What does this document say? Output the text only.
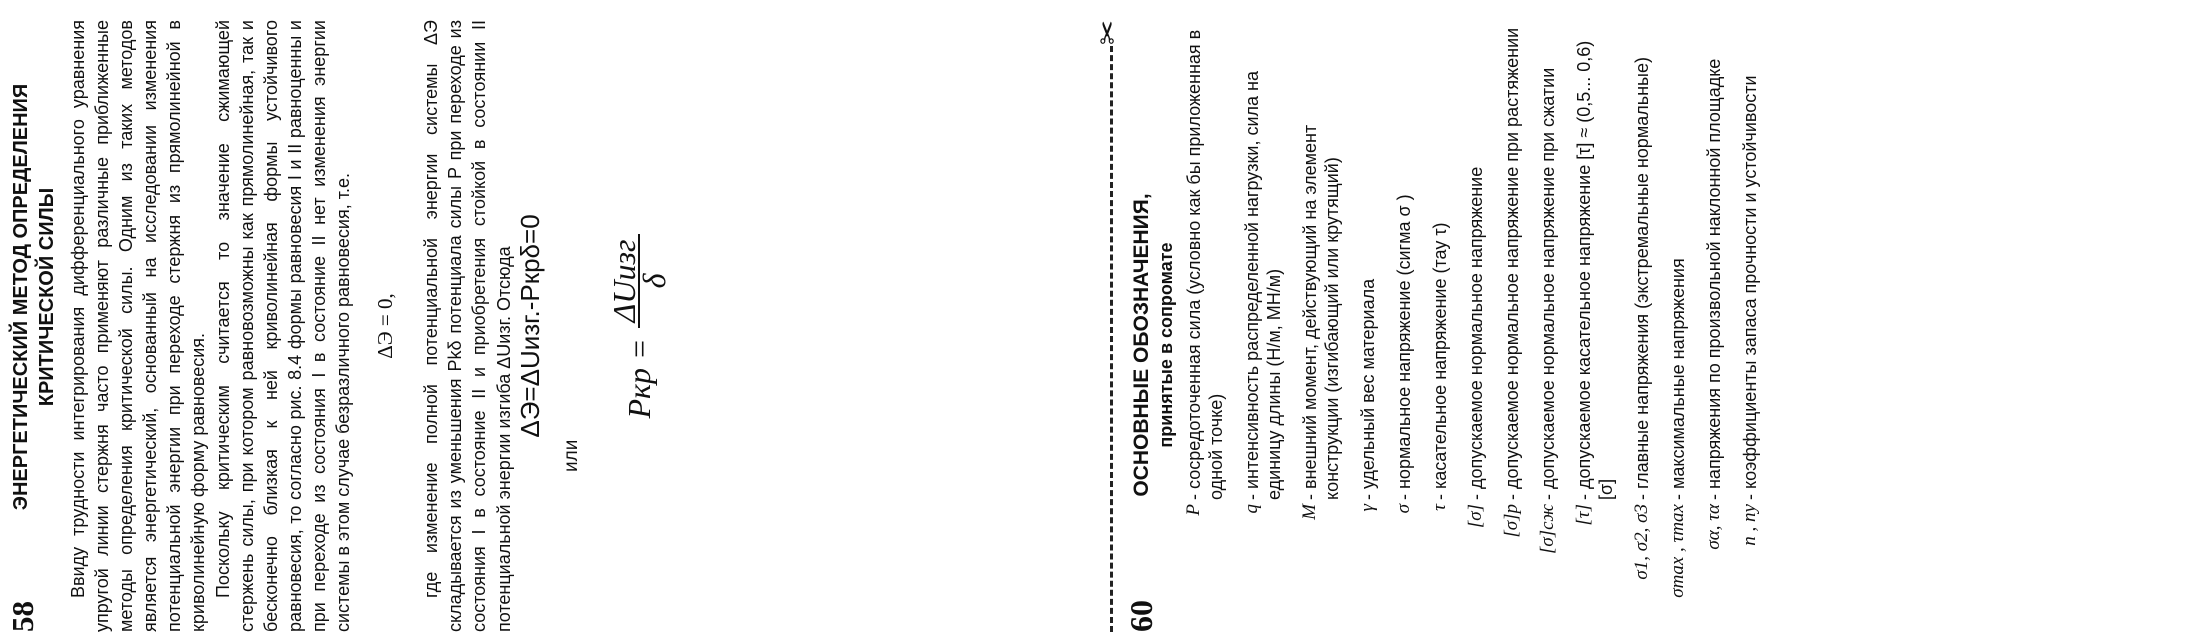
58
ЭНЕРГЕТИЧЕСКИЙ МЕТОД ОПРЕДЕЛЕНИЯ КРИТИЧЕСКОЙ СИЛЫ Ввиду трудности интегрирования дифференциального уравнения упругой линии стержня часто применяют различные приближенные методы определения критической силы. Одним из таких методов является энергетический, основанный на исследовании изменения потенциальной энергии при переходе стержня из прямолинейной в криволинейную форму равновесия. Поскольку критическим считается то значение сжимающей стержень силы, при котором равновозможны как прямолинейная, так и бесконечно близкая к ней криволинейная формы устойчивого равновесия, то согласно рис. 8.4 формы равновесия I и II равноценны и при переходе из состояния I в состояние II нет изменения энергии системы в этом случае безразличного равновесия, т.е. ΔЭ = 0, где изменение полной потенциальной энергии системы ΔЭ складывается из уменьшения Pkδ потенциала силы P при переходе из состояния I в состояние II и приобретения стойкой в состоянии II потенциальной энергии изгиба ΔUизг. Отсюда ΔЭ=ΔUизг.-Pкрδ=0
или
Pкр =
ΔUизг
δ
✂
60
ОСНОВНЫЕ ОБОЗНАЧЕНИЯ, принятые в сопромате
P
- сосредоточенная сила (условно как бы приложенная в одной точке)
q
- интенсивность распределенной нагрузки, сила на единицу длины (Н/м, МН/м)
M
- внешний момент, действующий на элемент конструкции (изгибающий или крутящий)
γ
- удельный вес материала
σ
- нормальное напряжение (сигма σ )
τ
- касательное напряжение (тау τ)
[σ]
- допускаемое нормальное напряжение
[σ]р
- допускаемое нормальное напряжение при растяжении
[σ]сж
- допускаемое нормальное напряжение при сжатии
[τ]
- допускаемое касательное напряжение [τ] ≈ (0,5... 0,6) [σ]
σ1, σ2, σ3
- главные напряжения (экстремальные нормальные)
σmax , τmax
- максимальные напряжения
σα, τα
- напряжения по произвольной наклонной площадке
n , ny
- коэффициенты запаса прочности и устойчивости
